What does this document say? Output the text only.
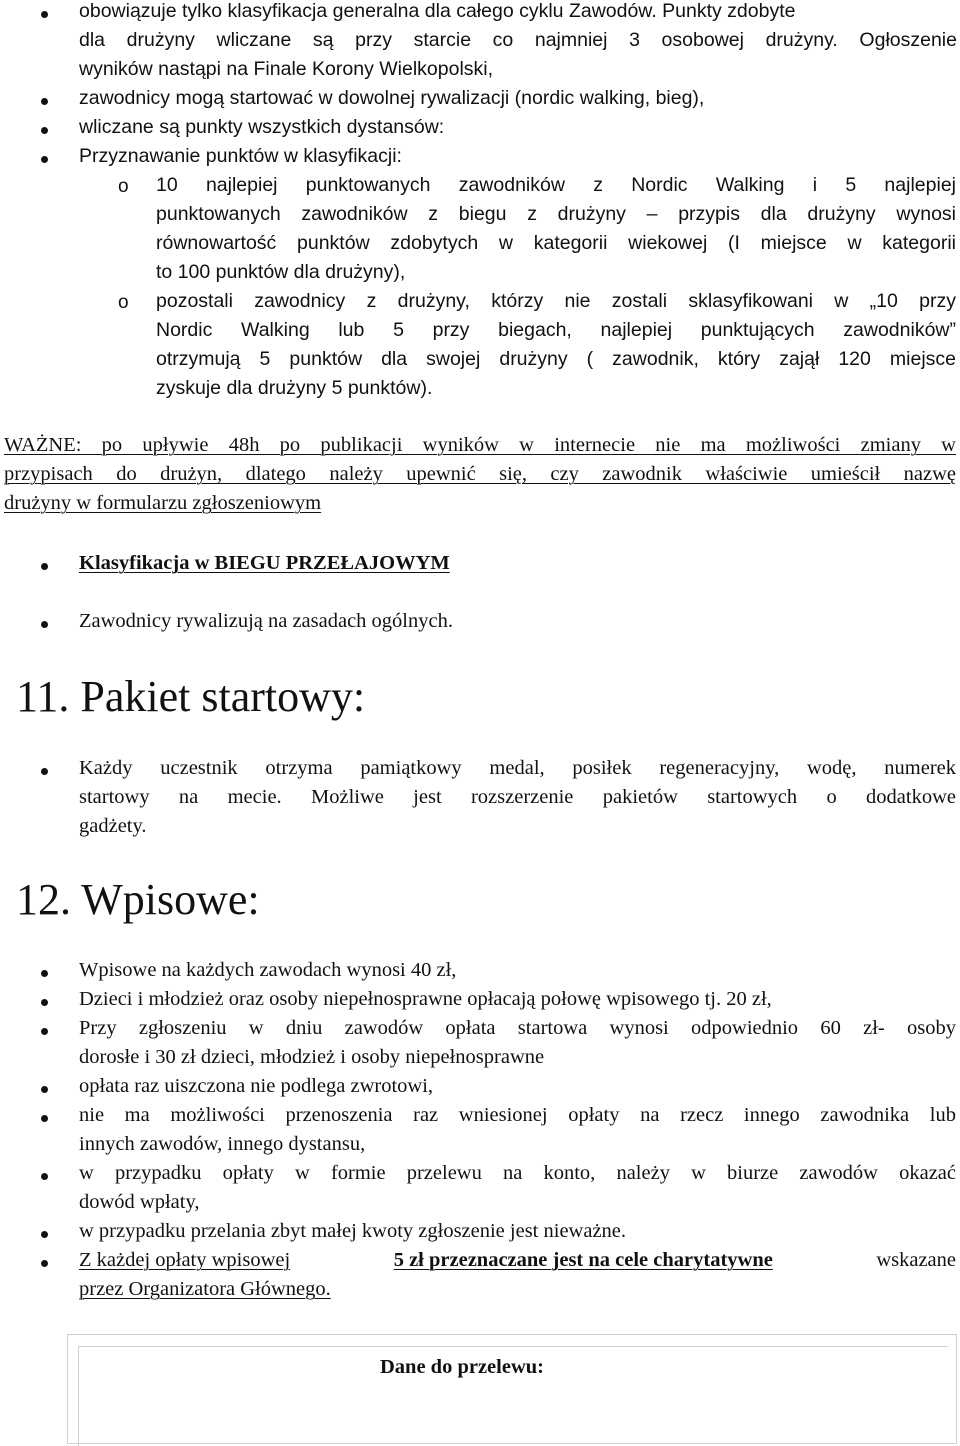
obowiązuje tylko klasyfikacja generalna dla całego cyklu Zawodów. Punkty zdobyte
dla drużyny wliczane są przy starcie co najmniej 3 osobowej drużyny. Ogłoszenie
wyników nastąpi na Finale Korony Wielkopolski,
zawodnicy mogą startować w dowolnej rywalizacji (nordic walking, bieg),
wliczane są punkty wszystkich dystansów:
Przyznawanie punktów w klasyfikacji:
o 10 najlepiej punktowanych zawodników z Nordic Walking i 5 najlepiej
punktowanych zawodników z biegu z drużyny – przypis dla drużyny wynosi
równowartość punktów zdobytych w kategorii wiekowej (I miejsce w kategorii
to 100 punktów dla drużyny),
o pozostali zawodnicy z drużyny, którzy nie zostali sklasyfikowani w „10 przy
Nordic Walking lub 5 przy biegach, najlepiej punktujących zawodników”
otrzymują 5 punktów dla swojej drużyny ( zawodnik, który zajął 120 miejsce
zyskuje dla drużyny 5 punktów).
WAŻNE: po upływie 48h po publikacji wyników w internecie nie ma możliwości zmiany w
przypisach do drużyn, dlatego należy upewnić się, czy zawodnik właściwie umieścił nazwę
drużyny w formularzu zgłoszeniowym
Klasyfikacja w BIEGU PRZEŁAJOWYM
Zawodnicy rywalizują na zasadach ogólnych.
11. Pakiet startowy:
Każdy uczestnik otrzyma pamiątkowy medal, posiłek regeneracyjny, wodę, numerek
startowy na mecie. Możliwe jest rozszerzenie pakietów startowych o dodatkowe
gadżety.
12. Wpisowe:
Wpisowe na każdych zawodach wynosi 40 zł,
Dzieci i młodzież oraz osoby niepełnosprawne opłacają połowę wpisowego tj. 20 zł,
Przy zgłoszeniu w dniu zawodów opłata startowa wynosi odpowiednio 60 zł- osoby
dorosłe i 30 zł dzieci, młodzież i osoby niepełnosprawne
opłata raz uiszczona nie podlega zwrotowi,
nie ma możliwości przenoszenia raz wniesionej opłaty na rzecz innego zawodnika lub
innych zawodów, innego dystansu,
w przypadku opłaty w formie przelewu na konto, należy w biurze zawodów okazać
dowód wpłaty,
w przypadku przelania zbyt małej kwoty zgłoszenie jest nieważne.
Z każdej opłaty wpisowej	5 zł przeznaczane jest na cele charytatywne	wskazane
przez Organizatora Głównego.
Dane do przelewu:
